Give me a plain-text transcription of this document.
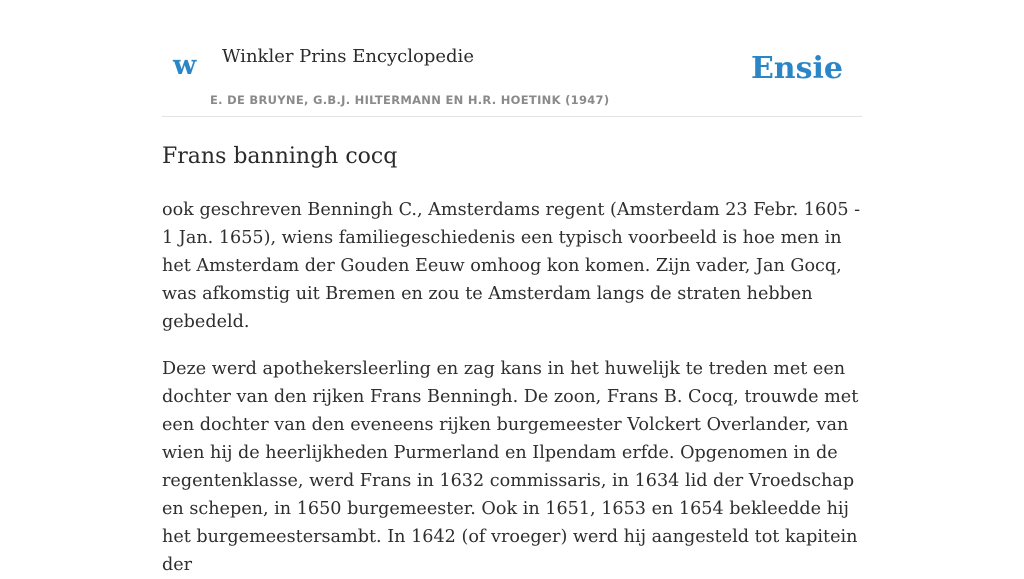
w Winkler Prins Encyclopedie	Ensie
E. DE BRUYNE, G.B.J. HILTERMANN EN H.R. HOETINK (1947)
Frans banningh cocq

ook geschreven Benningh C., Amsterdams regent (Amsterdam 23 Febr. 1605 - 1 Jan. 1655), wiens familiegeschiedenis een typisch voorbeeld is hoe men in het Amsterdam der Gouden Eeuw omhoog kon komen. Zijn vader, Jan Gocq, was afkomstig uit Bremen en zou te Amsterdam langs de straten hebben gebedeld.

Deze werd apothekersleerling en zag kans in het huwelijk te treden met een dochter van den rijken Frans Benningh. De zoon, Frans B. Cocq, trouwde met een dochter van den eveneens rijken burgemeester Volckert Overlander, van wien hij de heerlijkheden Purmerland en Ilpendam erfde. Opgenomen in de regentenklasse, werd Frans in 1632 commissaris, in 1634 lid der Vroedschap en schepen, in 1650 burgemeester. Ook in 1651, 1653 en 1654 bekleedde hij het burgemeestersambt. In 1642 (of vroeger) werd hij aangesteld tot kapitein der
